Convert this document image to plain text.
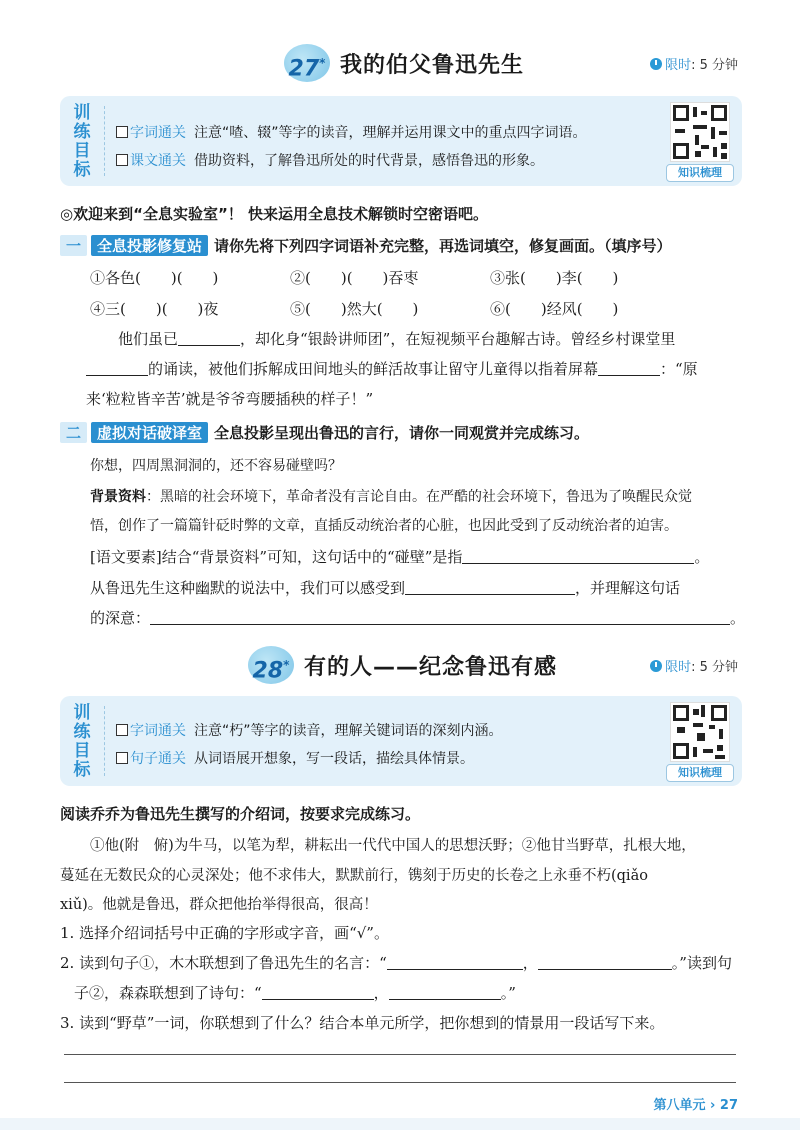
27* 我的伯父鲁迅先生	限时: 5 分钟
训
练
目
标
字词通关 注意“喳、辍”等字的读音，理解并运用课文中的重点四字词语。
课文通关 借助资料，了解鲁迅所处的时代背景，感悟鲁迅的形象。
知识梳理
◎欢迎来到“全息实验室”！ 快来运用全息技术解锁时空密语吧。
一 全息投影修复站 请你先将下列四字词语补充完整，再选词填空，修复画面。（填序号）
①各色(　　)(　　)	②(　　)(　　)吞枣	③张(　　)李(　　)
④三(　　)(　　)夜	⑤(　　)然大(　　)	⑥(　　)经风(　　)
他们虽已	，却化身“银龄讲师团”，在短视频平台趣解古诗。曾经乡村课堂里
的诵读，被他们拆解成田间地头的鲜活故事让留守儿童得以指着屏幕	：“原
来‘粒粒皆辛苦’就是爷爷弯腰插秧的样子！”
二 虚拟对话破译室 全息投影呈现出鲁迅的言行，请你一同观赏并完成练习。
你想，四周黑洞洞的，还不容易碰壁吗？
背景资料：黑暗的社会环境下，革命者没有言论自由。在严酷的社会环境下，鲁迅为了唤醒民众觉
悟，创作了一篇篇针砭时弊的文章，直插反动统治者的心脏，也因此受到了反动统治者的迫害。
[语文要素]结合“背景资料”可知，这句话中的“碰壁”是指	。
从鲁迅先生这种幽默的说法中，我们可以感受到	，并理解这句话
的深意：	。
28* 有的人——纪念鲁迅有感	限时: 5 分钟
训
练
目
标
字词通关 注意“朽”等字的读音，理解关键词语的深刻内涵。
句子通关 从词语展开想象，写一段话，描绘具体情景。
知识梳理
阅读乔乔为鲁迅先生撰写的介绍词，按要求完成练习。
①他(附　俯)为牛马，以笔为犁，耕耘出一代代中国人的思想沃野；②他甘当野草，扎根大地，
蔓延在无数民众的心灵深处；他不求伟大，默默前行，镌刻于历史的长卷之上永垂不朽(qiǎo
xiǔ)。他就是鲁迅，群众把他抬举得很高，很高！
1. 选择介绍词括号中正确的字形或字音，画“√”。
2. 读到句子①，木木联想到了鲁迅先生的名言：“	，	。”读到句
子②，森森联想到了诗句：“	，	。”
3. 读到“野草”一词，你联想到了什么？结合本单元所学，把你想到的情景用一段话写下来。
第八单元 › 27
